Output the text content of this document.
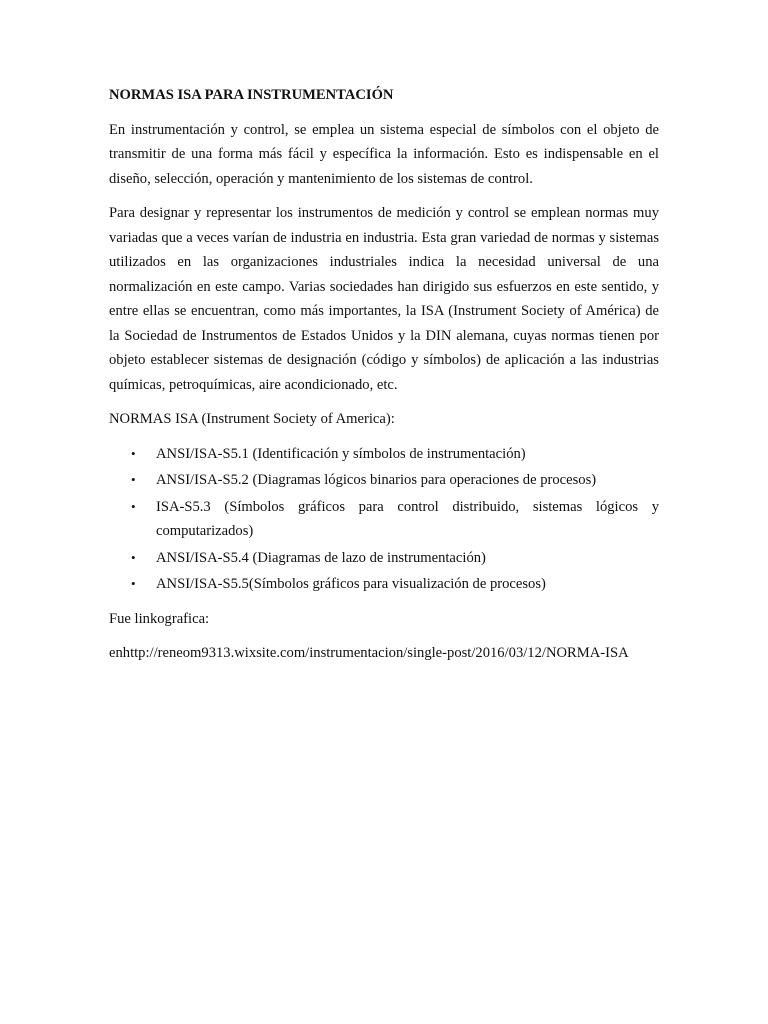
NORMAS ISA PARA INSTRUMENTACIÓN

En instrumentación y control, se emplea un sistema especial de símbolos con el objeto de transmitir de una forma más fácil y específica la información. Esto es indispensable en el diseño, selección, operación y mantenimiento de los sistemas de control.

Para designar y representar los instrumentos de medición y control se emplean normas muy variadas que a veces varían de industria en industria. Esta gran variedad de normas y sistemas utilizados en las organizaciones industriales indica la necesidad universal de una normalización en este campo. Varias sociedades han dirigido sus esfuerzos en este sentido, y entre ellas se encuentran, como más importantes, la ISA (Instrument Society of América) de la Sociedad de Instrumentos de Estados Unidos y la DIN alemana, cuyas normas tienen por objeto establecer sistemas de designación (código y símbolos) de aplicación a las industrias químicas, petroquímicas, aire acondicionado, etc.

NORMAS ISA (Instrument Society of America):

• ANSI/ISA-S5.1 (Identificación y símbolos de instrumentación)
• ANSI/ISA-S5.2 (Diagramas lógicos binarios para operaciones de procesos)
• ISA-S5.3 (Símbolos gráficos para control distribuido, sistemas lógicos y computarizados)
• ANSI/ISA-S5.4 (Diagramas de lazo de instrumentación)
• ANSI/ISA-S5.5(Símbolos gráficos para visualización de procesos)

Fue linkografica:

enhttp://reneom9313.wixsite.com/instrumentacion/single-post/2016/03/12/NORMA-ISA
